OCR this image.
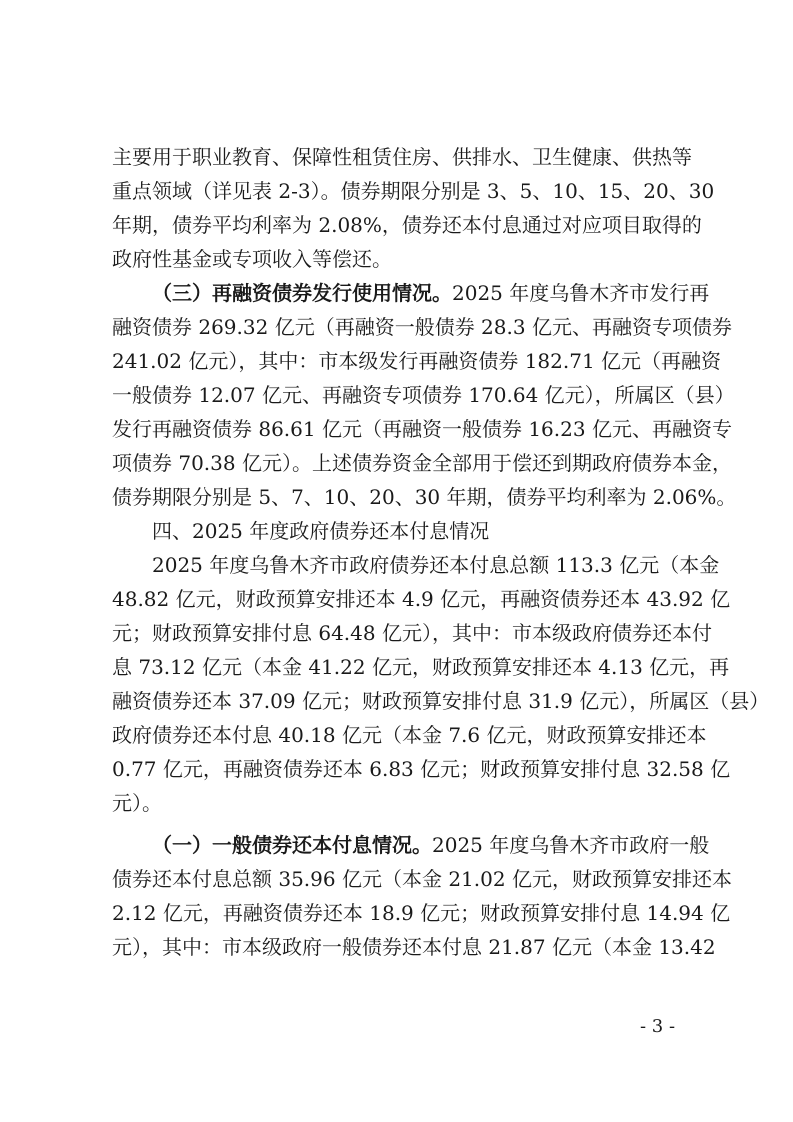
主要用于职业教育、保障性租赁住房、供排水、卫生健康、供热等
重点领域（详见表 2-3）。债券期限分别是 3、5、10、15、20、30
年期，债券平均利率为 2.08%，债券还本付息通过对应项目取得的
政府性基金或专项收入等偿还。
（三）再融资债券发行使用情况。2025 年度乌鲁木齐市发行再
融资债券 269.32 亿元（再融资一般债券 28.3 亿元、再融资专项债券
241.02 亿元），其中：市本级发行再融资债券 182.71 亿元（再融资
一般债券 12.07 亿元、再融资专项债券 170.64 亿元），所属区（县）
发行再融资债券 86.61 亿元（再融资一般债券 16.23 亿元、再融资专
项债券 70.38 亿元）。上述债券资金全部用于偿还到期政府债券本金，
债券期限分别是 5、7、10、20、30 年期，债券平均利率为 2.06%。
四、2025 年度政府债券还本付息情况
2025 年度乌鲁木齐市政府债券还本付息总额 113.3 亿元（本金
48.82 亿元，财政预算安排还本 4.9 亿元，再融资债券还本 43.92 亿
元；财政预算安排付息 64.48 亿元），其中：市本级政府债券还本付
息 73.12 亿元（本金 41.22 亿元，财政预算安排还本 4.13 亿元，再
融资债券还本 37.09 亿元；财政预算安排付息 31.9 亿元），所属区（县）
政府债券还本付息 40.18 亿元（本金 7.6 亿元，财政预算安排还本
0.77 亿元，再融资债券还本 6.83 亿元；财政预算安排付息 32.58 亿
元）。
（一）一般债券还本付息情况。2025 年度乌鲁木齐市政府一般
债券还本付息总额 35.96 亿元（本金 21.02 亿元，财政预算安排还本
2.12 亿元，再融资债券还本 18.9 亿元；财政预算安排付息 14.94 亿
元），其中：市本级政府一般债券还本付息 21.87 亿元（本金 13.42
- 3 -
